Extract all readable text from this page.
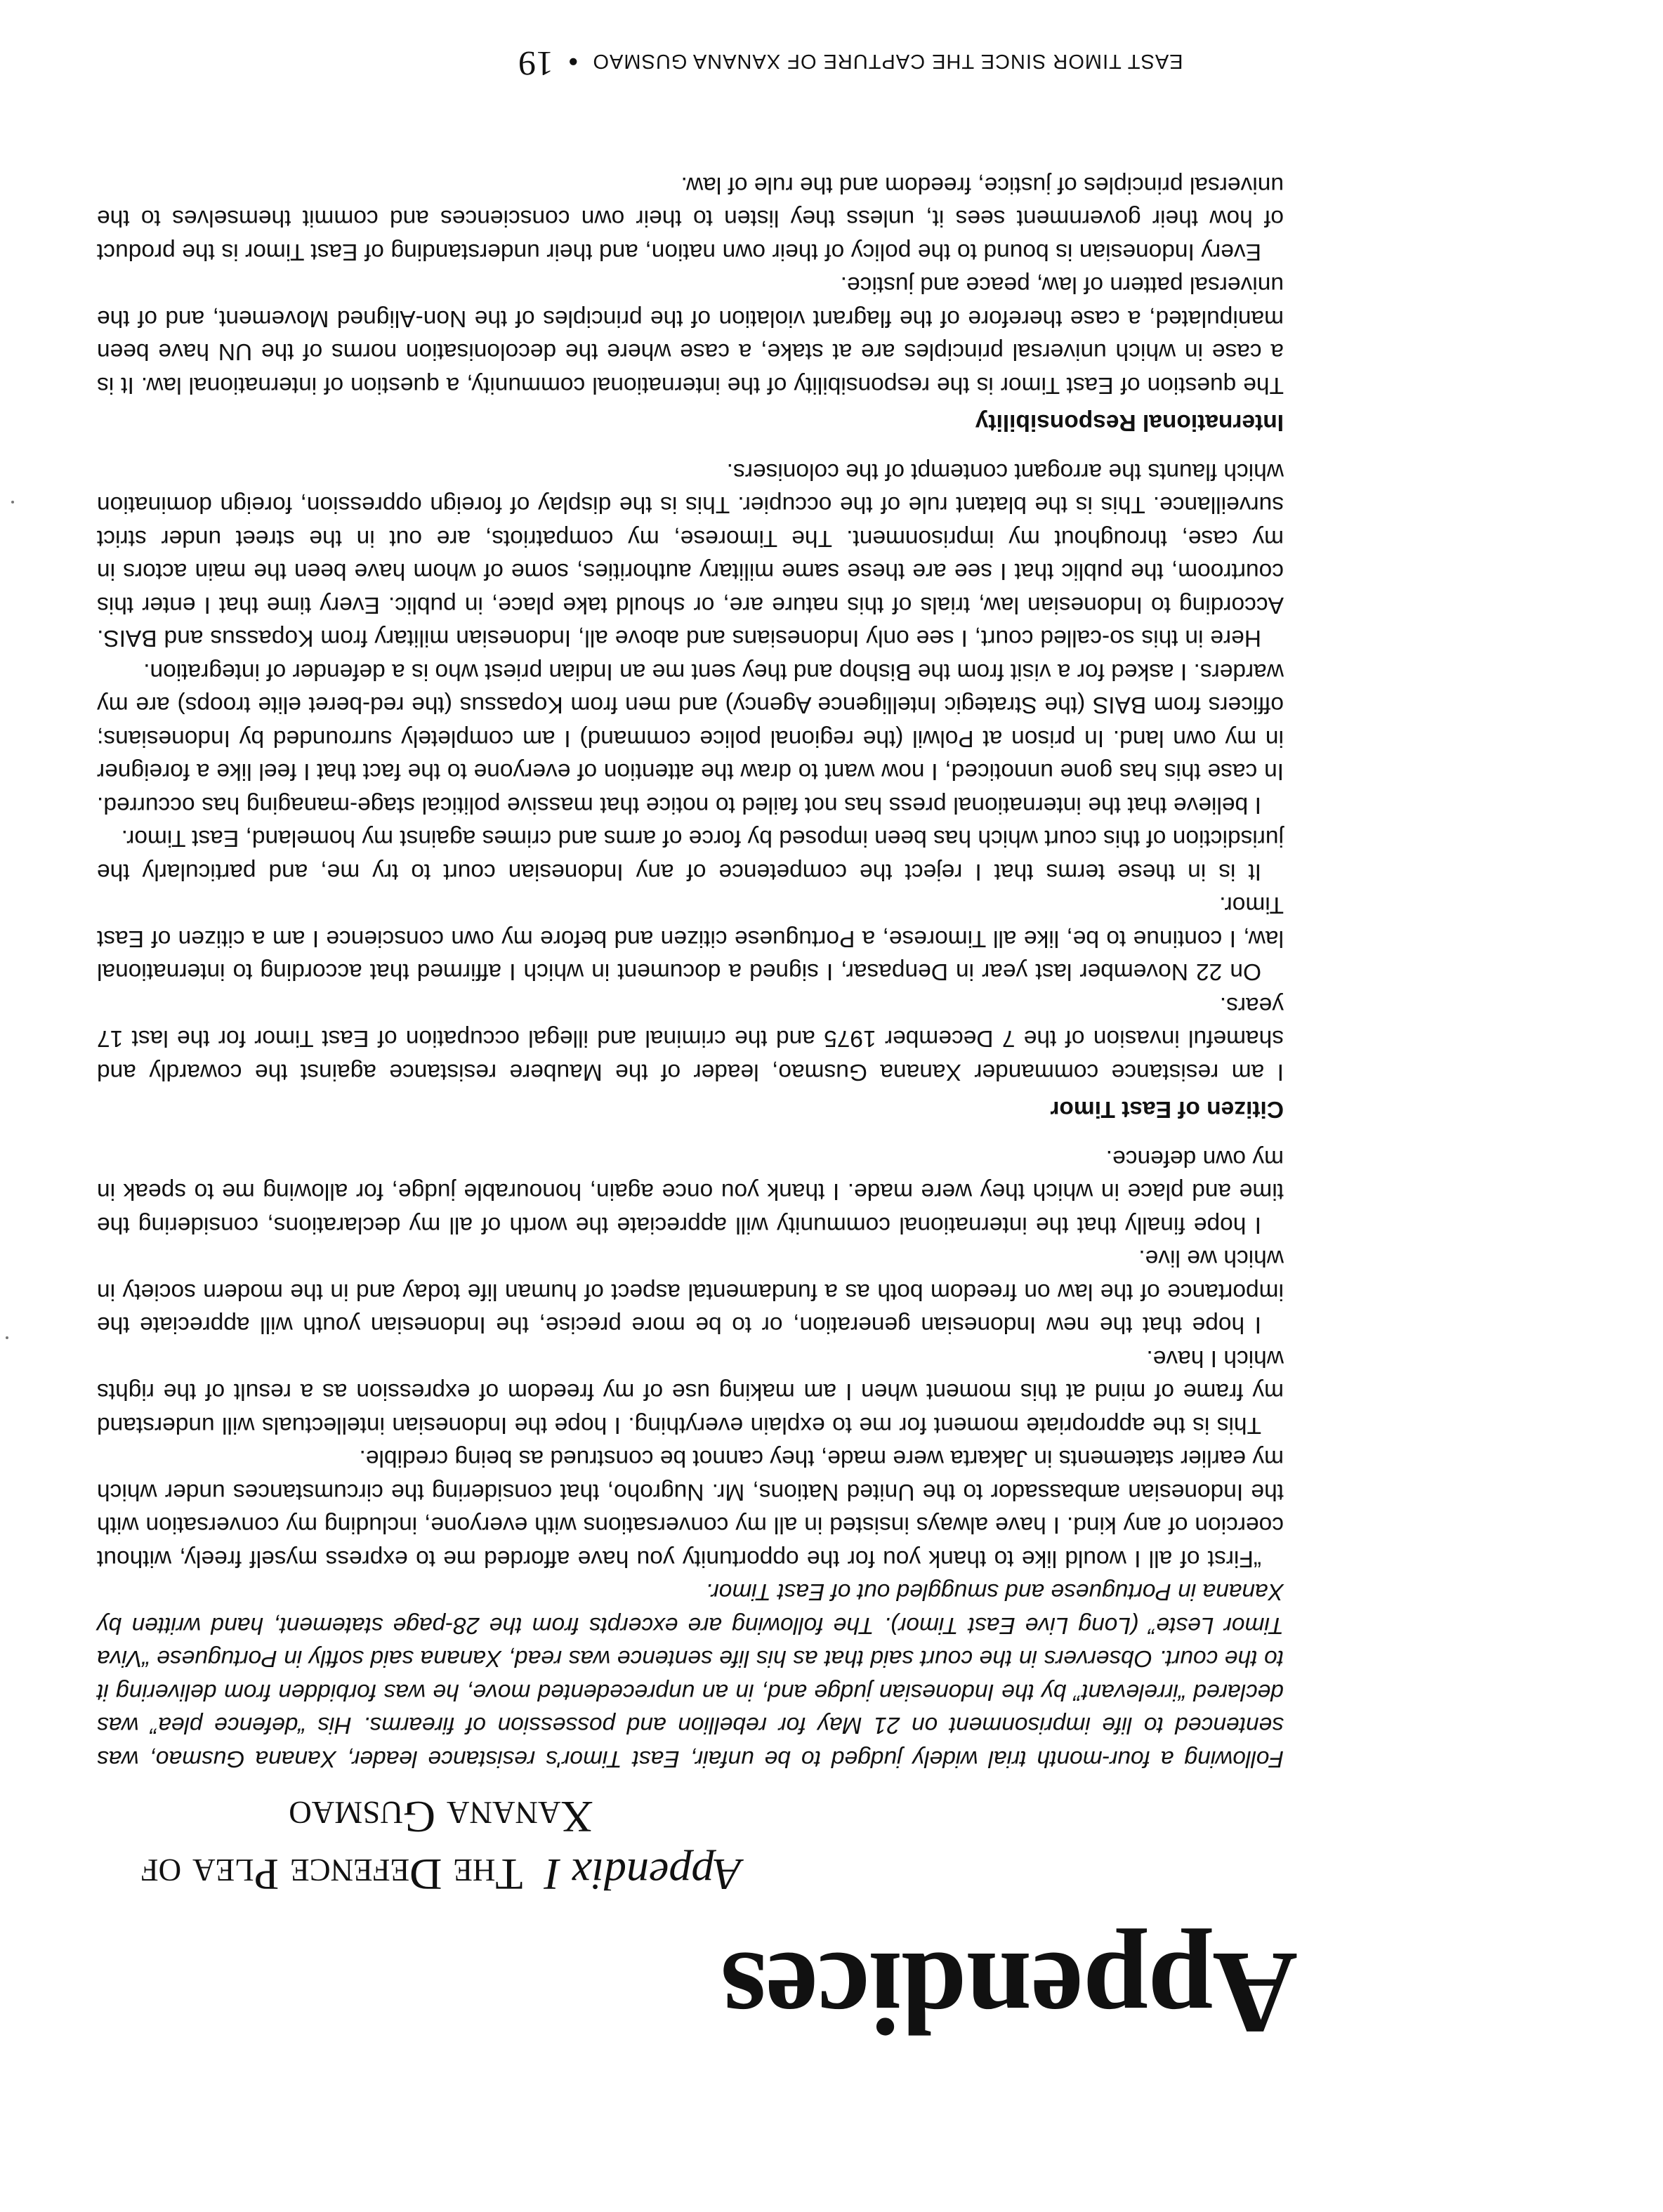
Appendices
Appendix I  The Defence Plea of
Xanana Gusmao

Following a four-month trial widely judged to be unfair, East Timor's resistance leader, Xanana Gusmao, was sentenced to life imprisonment on 21 May for rebellion and possession of firearms. His “defence plea” was declared “irrelevant” by the Indonesian judge and, in an unprecedented move, he was forbidden from delivering it to the court. Observers in the court said that as his life sentence was read, Xanana said softly in Portuguese “Viva Timor Leste” (Long Live East Timor). The following are excerpts from the 28-page statement, hand written by Xanana in Portuguese and smuggled out of East Timor.

“First of all I would like to thank you for the opportunity you have afforded me to express myself freely, without coercion of any kind. I have always insisted in all my conversations with everyone, including my conversation with the Indonesian ambassador to the United Nations, Mr. Nugroho, that considering the circumstances under which my earlier statements in Jakarta were made, they cannot be construed as being credible.

This is the appropriate moment for me to explain everything. I hope the Indonesian intellectuals will understand my frame of mind at this moment when I am making use of my freedom of expression as a result of the rights which I have.

I hope that the new Indonesian generation, or to be more precise, the Indonesian youth will appreciate the importance of the law on freedom both as a fundamental aspect of human life today and in the modern society in which we live.

I hope finally that the international community will appreciate the worth of all my declarations, considering the time and place in which they were made. I thank you once again, honourable judge, for allowing me to speak in my own defence.

Citizen of East Timor

I am resistance commander Xanana Gusmao, leader of the Maubere resistance against the cowardly and shameful invasion of the 7 December 1975 and the criminal and illegal occupation of East Timor for the last 17 years.

On 22 November last year in Denpasar, I signed a document in which I affirmed that according to international law, I continue to be, like all Timorese, a Portuguese citizen and before my own conscience I am a citizen of East Timor.

It is in these terms that I reject the competence of any Indonesian court to try me, and particularly the jurisdiction of this court which has been imposed by force of arms and crimes against my homeland, East Timor.

I believe that the international press has not failed to notice that massive political stage-managing has occurred. In case this has gone unnoticed, I now want to draw the attention of everyone to the fact that I feel like a foreigner in my own land. In prison at Polwil (the regional police command) I am completely surrounded by Indonesians; officers from BAIS (the Strategic Intelligence Agency) and men from Kopassus (the red-beret elite troops) are my warders. I asked for a visit from the Bishop and they sent me an Indian priest who is a defender of integration.

Here in this so-called court, I see only Indonesians and above all, Indonesian military from Kopassus and BAIS. According to Indonesian law, trials of this nature are, or should take place, in public. Every time that I enter this courtroom, the public that I see are these same military authorities, some of whom have been the main actors in my case, throughout my imprisonment. The Timorese, my compatriots, are out in the street under strict surveillance. This is the blatant rule of the occupier. This is the display of foreign oppression, foreign domination which flaunts the arrogant contempt of the colonisers.

International Responsibility

The question of East Timor is the responsibility of the international community, a question of international law. It is a case in which universal principles are at stake, a case where the decolonisation norms of the UN have been manipulated, a case therefore of the flagrant violation of the principles of the Non-Aligned Movement, and of the universal pattern of law, peace and justice.

Every Indonesian is bound to the policy of their own nation, and their understanding of East Timor is the product of how their government sees it, unless they listen to their own consciences and commit themselves to the universal principles of justice, freedom and the rule of law.

EAST TIMOR SINCE THE CAPTURE OF XANANA GUSMAO●19
